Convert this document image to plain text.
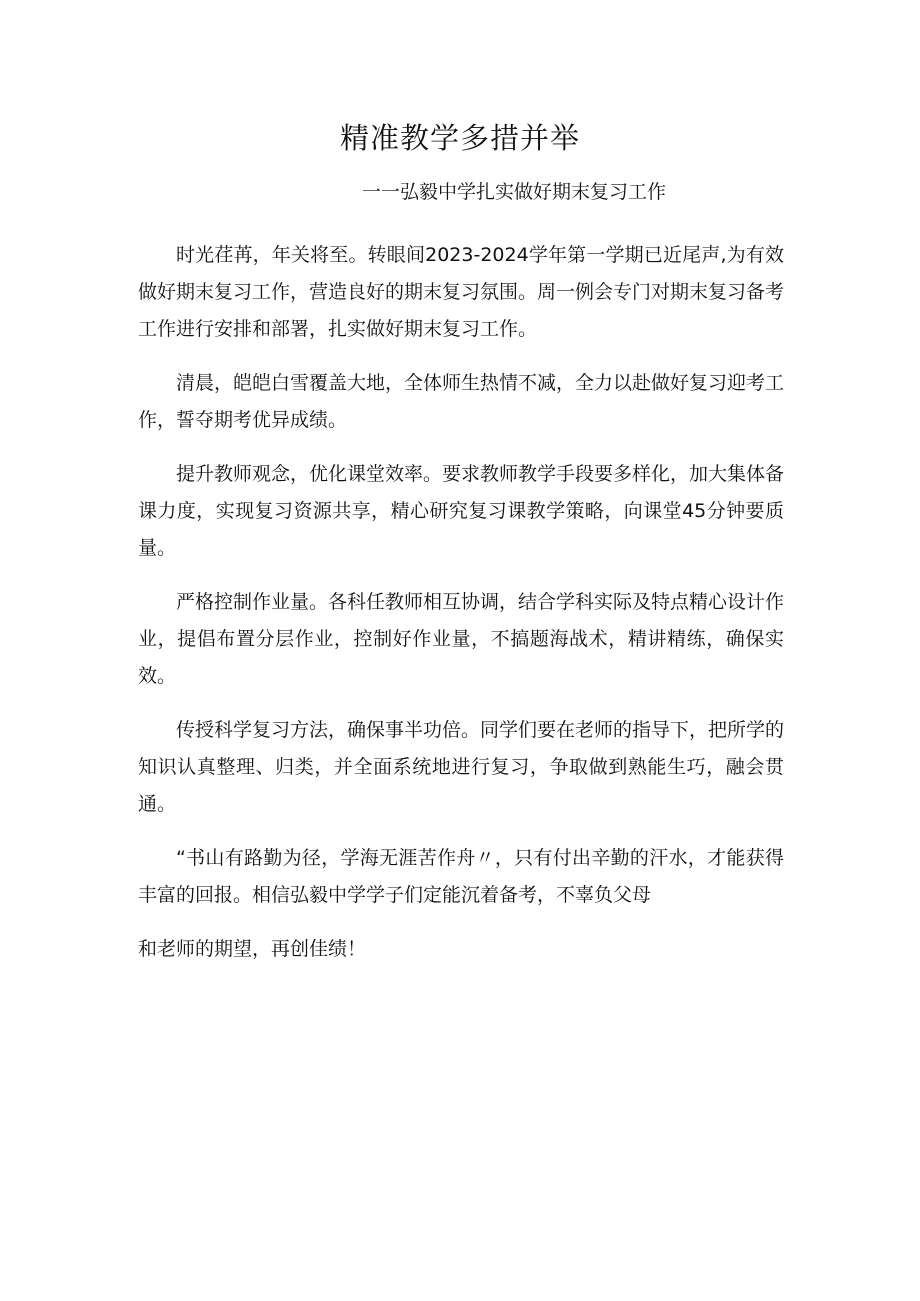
精准教学多措并举

一一弘毅中学扎实做好期末复习工作

时光荏苒，年关将至。转眼间2023-2024学年第一学期已近尾声,为有效做好期末复习工作，营造良好的期末复习氛围。周一例会专门对期末复习备考工作进行安排和部署，扎实做好期末复习工作。

清晨，皑皑白雪覆盖大地，全体师生热情不减，全力以赴做好复习迎考工作，誓夺期考优异成绩。

提升教师观念，优化课堂效率。要求教师教学手段要多样化，加大集体备课力度，实现复习资源共享，精心研究复习课教学策略，向课堂45分钟要质量。

严格控制作业量。各科任教师相互协调，结合学科实际及特点精心设计作业，提倡布置分层作业，控制好作业量，不搞题海战术，精讲精练，确保实效。

传授科学复习方法，确保事半功倍。同学们要在老师的指导下，把所学的知识认真整理、归类，并全面系统地进行复习，争取做到熟能生巧，融会贯通。

“书山有路勤为径，学海无涯苦作舟〃，只有付出辛勤的汗水，才能获得丰富的回报。相信弘毅中学学子们定能沉着备考，不辜负父母

和老师的期望，再创佳绩！
